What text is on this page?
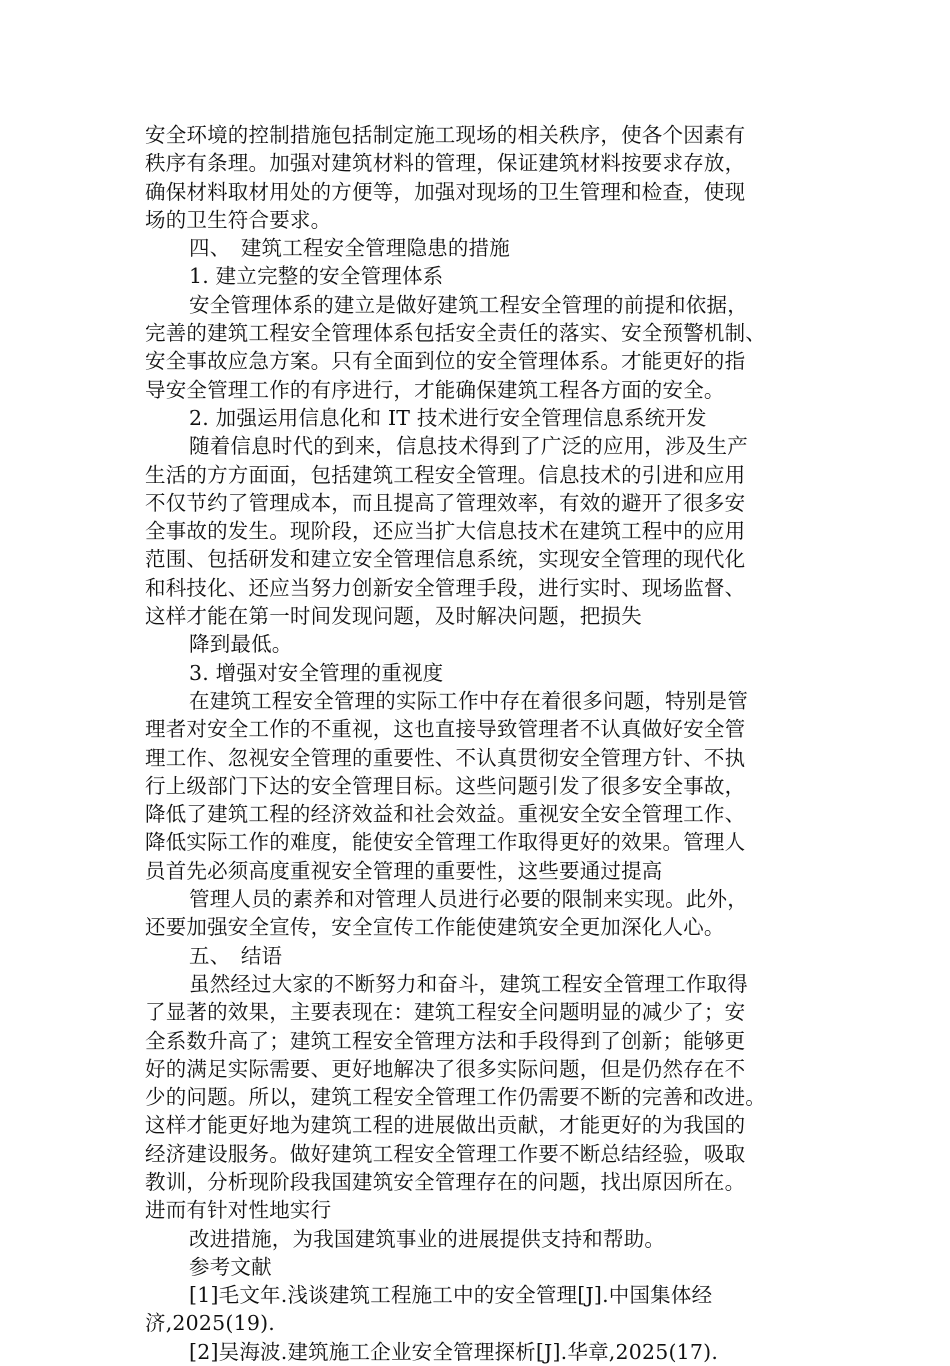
安全环境的控制措施包括制定施工现场的相关秩序，使各个因素有
秩序有条理。加强对建筑材料的管理，保证建筑材料按要求存放，
确保材料取材用处的方便等，加强对现场的卫生管理和检查，使现
场的卫生符合要求。
四、　建筑工程安全管理隐患的措施
1. 建立完整的安全管理体系
安全管理体系的建立是做好建筑工程安全管理的前提和依据，
完善的建筑工程安全管理体系包括安全责任的落实、安全预警机制、
安全事故应急方案。只有全面到位的安全管理体系。才能更好的指
导安全管理工作的有序进行，才能确保建筑工程各方面的安全。
2. 加强运用信息化和 IT 技术进行安全管理信息系统开发
随着信息时代的到来，信息技术得到了广泛的应用，涉及生产
生活的方方面面，包括建筑工程安全管理。信息技术的引进和应用
不仅节约了管理成本，而且提高了管理效率，有效的避开了很多安
全事故的发生。现阶段，还应当扩大信息技术在建筑工程中的应用
范围、包括研发和建立安全管理信息系统，实现安全管理的现代化
和科技化、还应当努力创新安全管理手段，进行实时、现场监督、
这样才能在第一时间发现问题，及时解决问题，把损失
降到最低。
3. 增强对安全管理的重视度
在建筑工程安全管理的实际工作中存在着很多问题，特别是管
理者对安全工作的不重视，这也直接导致管理者不认真做好安全管
理工作、忽视安全管理的重要性、不认真贯彻安全管理方针、不执
行上级部门下达的安全管理目标。这些问题引发了很多安全事故，
降低了建筑工程的经济效益和社会效益。重视安全安全管理工作、
降低实际工作的难度，能使安全管理工作取得更好的效果。管理人
员首先必须高度重视安全管理的重要性，这些要通过提高
管理人员的素养和对管理人员进行必要的限制来实现。此外，
还要加强安全宣传，安全宣传工作能使建筑安全更加深化人心。
五、　结语
虽然经过大家的不断努力和奋斗，建筑工程安全管理工作取得
了显著的效果，主要表现在：建筑工程安全问题明显的减少了；安
全系数升高了；建筑工程安全管理方法和手段得到了创新；能够更
好的满足实际需要、更好地解决了很多实际问题，但是仍然存在不
少的问题。所以，建筑工程安全管理工作仍需要不断的完善和改进。
这样才能更好地为建筑工程的进展做出贡献，才能更好的为我国的
经济建设服务。做好建筑工程安全管理工作要不断总结经验，吸取
教训，分析现阶段我国建筑安全管理存在的问题，找出原因所在。
进而有针对性地实行
改进措施，为我国建筑事业的进展提供支持和帮助。
参考文献
[1]毛文年.浅谈建筑工程施工中的安全管理[J].中国集体经
济,2025(19).
[2]吴海波.建筑施工企业安全管理探析[J].华章,2025(17).
